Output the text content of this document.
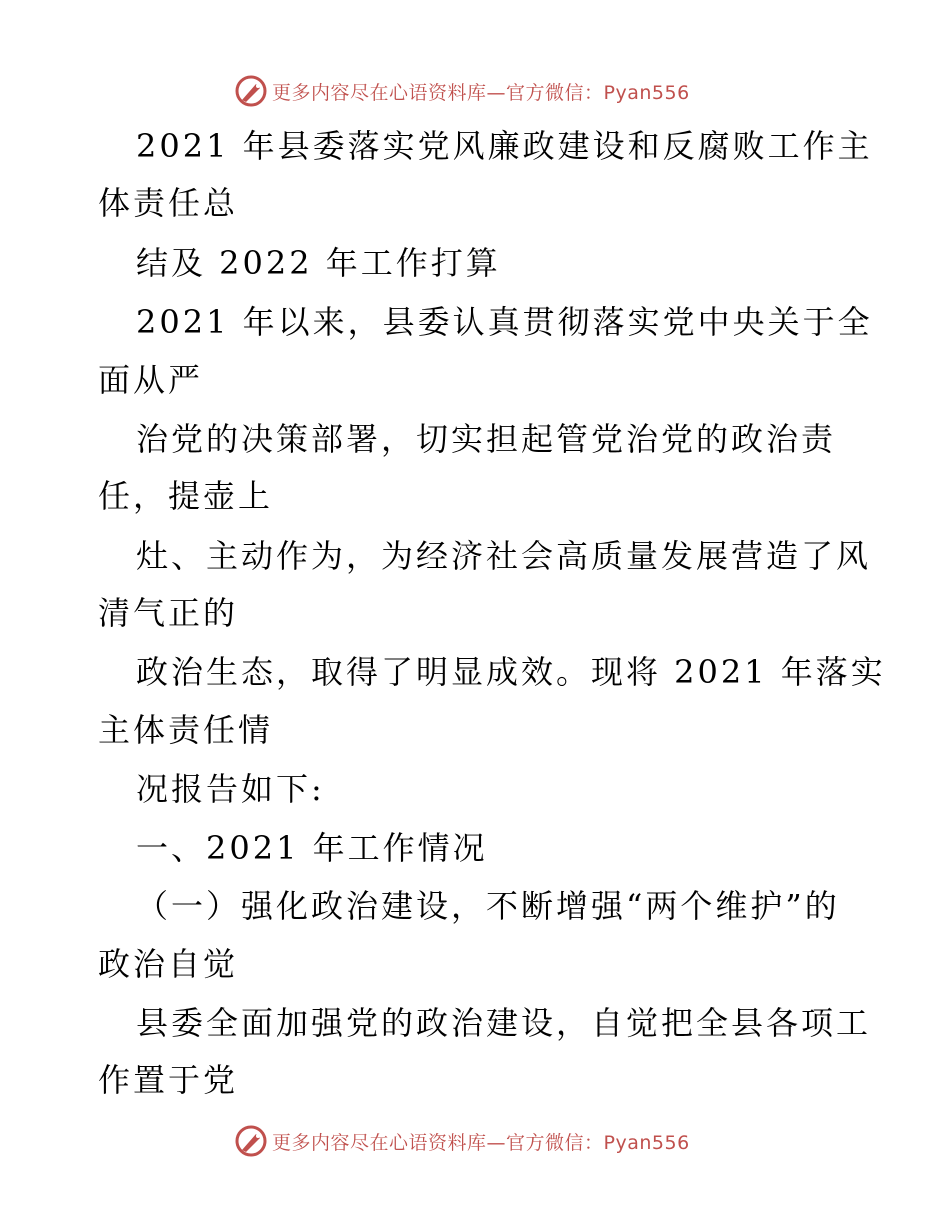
更多内容尽在心语资料库—官方微信：Pyan556
2021 年县委落实党风廉政建设和反腐败工作主
体责任总
结及 2022 年工作打算
2021 年以来，县委认真贯彻落实党中央关于全
面从严
治党的决策部署，切实担起管党治党的政治责
任，提壶上
灶、主动作为，为经济社会高质量发展营造了风
清气正的
政治生态，取得了明显成效。现将 2021 年落实
主体责任情
况报告如下:
一、2021 年工作情况
（一）强化政治建设，不断增强“两个维护”的
政治自觉
县委全面加强党的政治建设，自觉把全县各项工
作置于党
更多内容尽在心语资料库—官方微信：Pyan556
